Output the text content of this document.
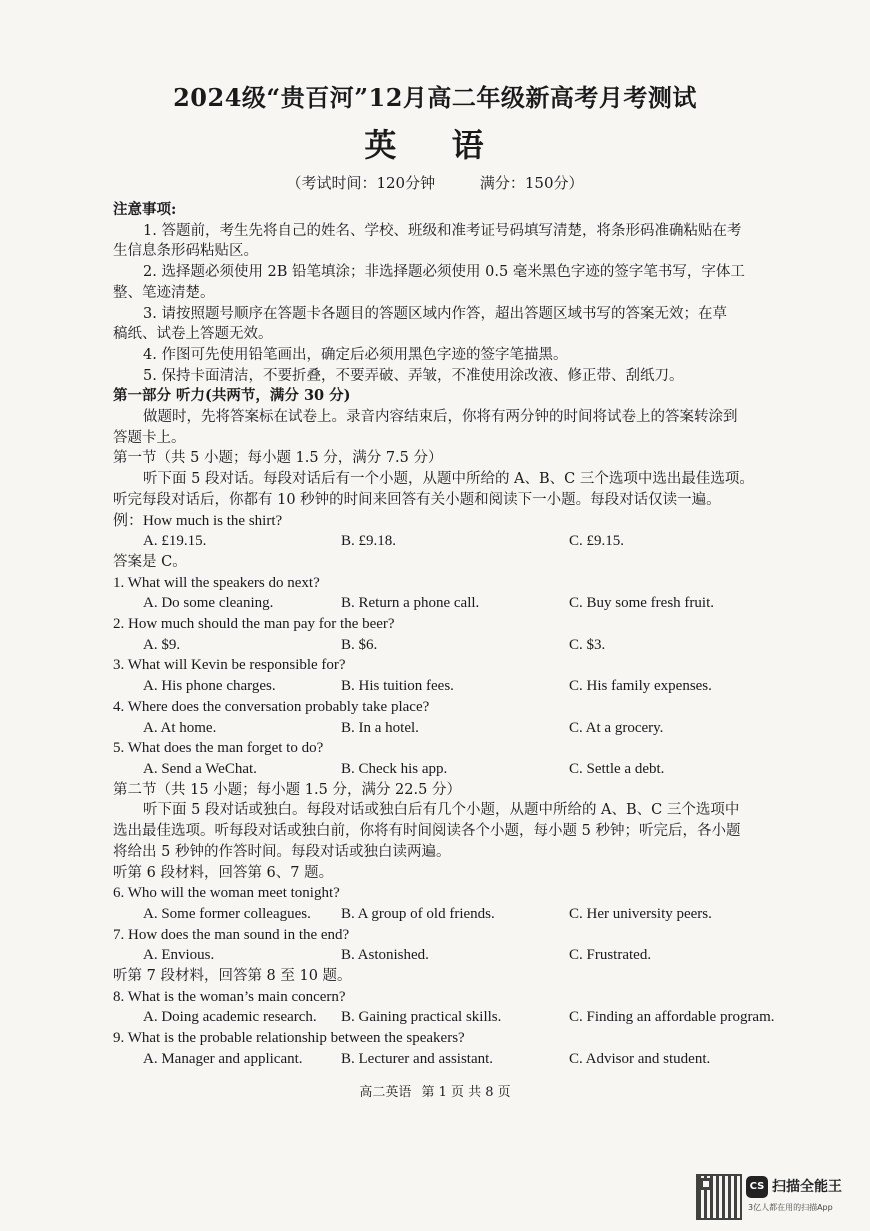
2024级“贵百河”12月高二年级新高考月考测试
英 语
（考试时间：120分钟	满分：150分）
注意事项:
1. 答题前，考生先将自己的姓名、学校、班级和准考证号码填写清楚，将条形码准确粘贴在考
生信息条形码粘贴区。
2. 选择题必须使用 2B 铅笔填涂；非选择题必须使用 0.5 毫米黑色字迹的签字笔书写，字体工
整、笔迹清楚。
3. 请按照题号顺序在答题卡各题目的答题区域内作答，超出答题区域书写的答案无效；在草
稿纸、试卷上答题无效。
4. 作图可先使用铅笔画出，确定后必须用黑色字迹的签字笔描黑。
5. 保持卡面清洁，不要折叠，不要弄破、弄皱，不准使用涂改液、修正带、刮纸刀。
第一部分 听力(共两节，满分 30 分)
做题时，先将答案标在试卷上。录音内容结束后，你将有两分钟的时间将试卷上的答案转涂到
答题卡上。
第一节（共 5 小题；每小题 1.5 分，满分 7.5 分）
听下面 5 段对话。每段对话后有一个小题，从题中所给的 A、B、C 三个选项中选出最佳选项。
听完每段对话后，你都有 10 秒钟的时间来回答有关小题和阅读下一小题。每段对话仅读一遍。
例：How much is the shirt?
A. £19.15.	B. £9.18.	C. £9.15.
答案是 C。
1. What will the speakers do next?
A. Do some cleaning.	B. Return a phone call.	C. Buy some fresh fruit.
2. How much should the man pay for the beer?
A. $9.	B. $6.	C. $3.
3. What will Kevin be responsible for?
A. His phone charges.	B. His tuition fees.	C. His family expenses.
4. Where does the conversation probably take place?
A. At home.	B. In a hotel.	C. At a grocery.
5. What does the man forget to do?
A. Send a WeChat.	B. Check his app.	C. Settle a debt.
第二节（共 15 小题；每小题 1.5 分，满分 22.5 分）
听下面 5 段对话或独白。每段对话或独白后有几个小题，从题中所给的 A、B、C 三个选项中
选出最佳选项。听每段对话或独白前，你将有时间阅读各个小题，每小题 5 秒钟；听完后，各小题
将给出 5 秒钟的作答时间。每段对话或独白读两遍。
听第 6 段材料，回答第 6、7 题。
6. Who will the woman meet tonight?
A. Some former colleagues.	B. A group of old friends.	C. Her university peers.
7. How does the man sound in the end?
A. Envious.	B. Astonished.	C. Frustrated.
听第 7 段材料，回答第 8 至 10 题。
8. What is the woman’s main concern?
A. Doing academic research.	B. Gaining practical skills.	C. Finding an affordable program.
9. What is the probable relationship between the speakers?
A. Manager and applicant.	B. Lecturer and assistant.	C. Advisor and student.
高二英语 第 1 页 共 8 页
CS 扫描全能王
3亿人都在用的扫描App
